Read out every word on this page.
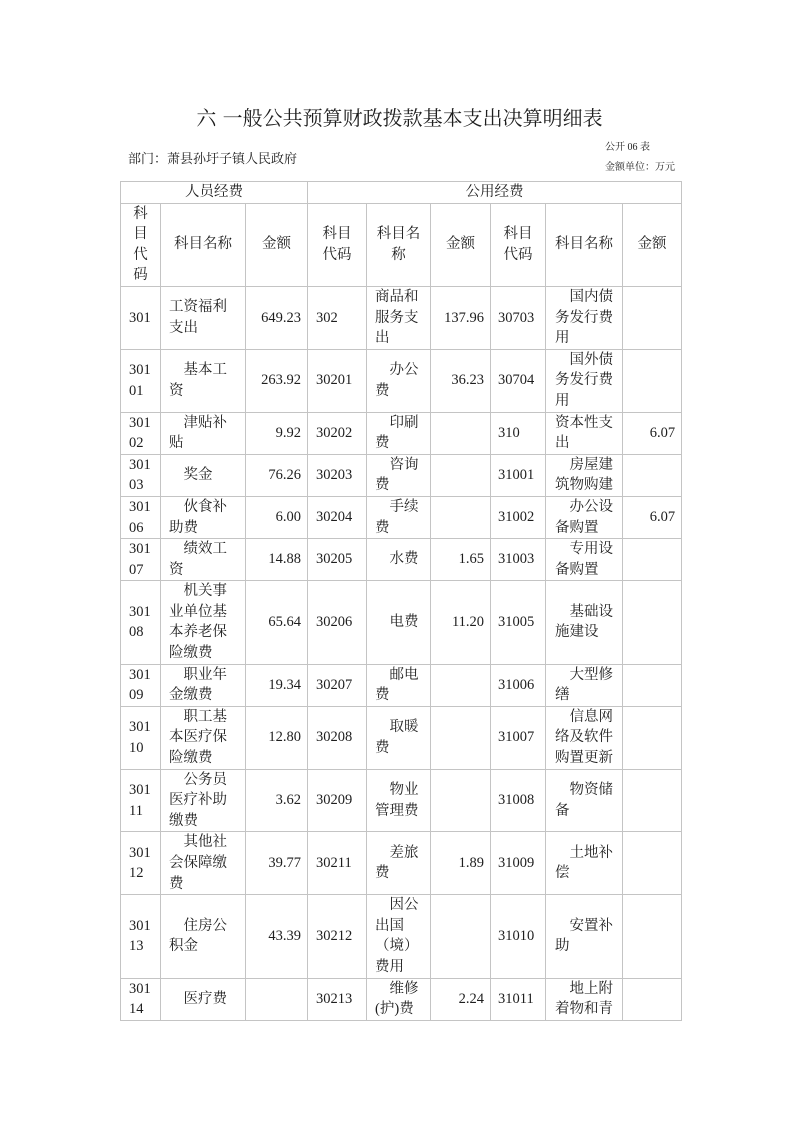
六 一般公共预算财政拨款基本支出决算明细表
公开 06 表
部门：萧县孙圩子镇人民政府
金额单位：万元
人员经费			公用经费					
科目代码	科目名称	金额	科目代码	科目名称	金额	科目代码	科目名称	金额
301	工资福利支出	649.23	302	商品和服务支出	137.96	30703	国内债务发行费用	
30101	基本工资	263.92	30201	办公费	36.23	30704	国外债务发行费用	
30102	津贴补贴	9.92	30202	印刷费		310	资本性支出	6.07
30103	奖金	76.26	30203	咨询费		31001	房屋建筑物购建	
30106	伙食补助费	6.00	30204	手续费		31002	办公设备购置	6.07
30107	绩效工资	14.88	30205	水费	1.65	31003	专用设备购置	
30108	机关事业单位基本养老保险缴费	65.64	30206	电费	11.20	31005	基础设施建设	
30109	职业年金缴费	19.34	30207	邮电费		31006	大型修缮	
30110	职工基本医疗保险缴费	12.80	30208	取暖费		31007	信息网络及软件购置更新	
30111	公务员医疗补助缴费	3.62	30209	物业管理费		31008	物资储备	
30112	其他社会保障缴费	39.77	30211	差旅费	1.89	31009	土地补偿	
30113	住房公积金	43.39	30212	因公出国（境）费用		31010	安置补助	
30114	医疗费		30213	维修(护)费	2.24	31011	地上附着物和青	
